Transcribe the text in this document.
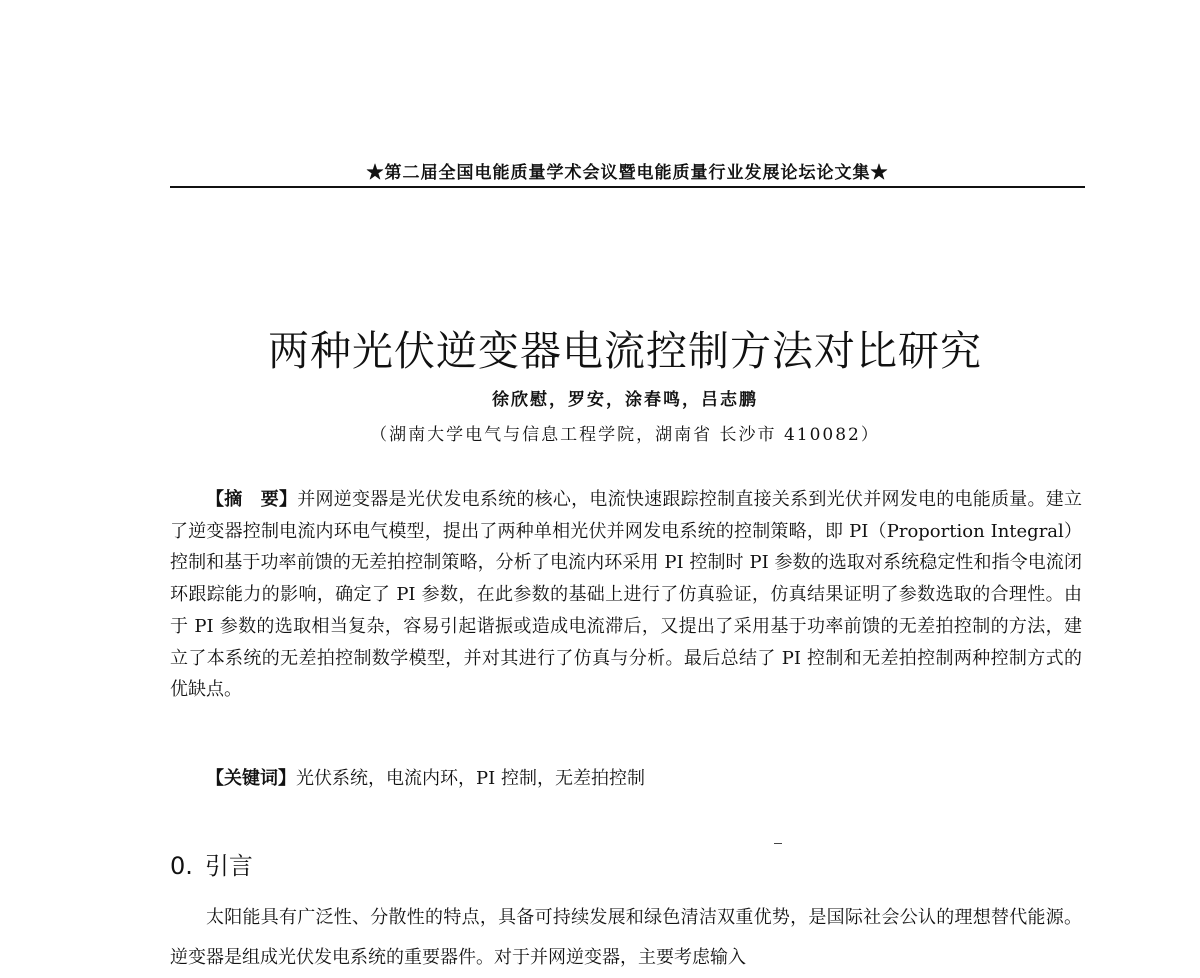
★第二届全国电能质量学术会议暨电能质量行业发展论坛论文集★
两种光伏逆变器电流控制方法对比研究
徐欣慰，罗安，涂春鸣，吕志鹏
（湖南大学电气与信息工程学院，湖南省 长沙市 410082）

【摘　要】并网逆变器是光伏发电系统的核心，电流快速跟踪控制直接关系到光伏并网发电的电能质量。建立了逆变器控制电流内环电气模型，提出了两种单相光伏并网发电系统的控制策略，即 PI（Proportion Integral）控制和基于功率前馈的无差拍控制策略，分析了电流内环采用 PI 控制时 PI 参数的选取对系统稳定性和指令电流闭环跟踪能力的影响，确定了 PI 参数，在此参数的基础上进行了仿真验证，仿真结果证明了参数选取的合理性。由于 PI 参数的选取相当复杂，容易引起谐振或造成电流滞后，又提出了采用基于功率前馈的无差拍控制的方法，建立了本系统的无差拍控制数学模型，并对其进行了仿真与分析。最后总结了 PI 控制和无差拍控制两种控制方式的优缺点。

【关键词】光伏系统，电流内环，PI 控制，无差拍控制

0. 引言

太阳能具有广泛性、分散性的特点，具备可持续发展和绿色清洁双重优势，是国际社会公认的理想替代能源。逆变器是组成光伏发电系统的重要器件。对于并网逆变器，主要考虑输入
